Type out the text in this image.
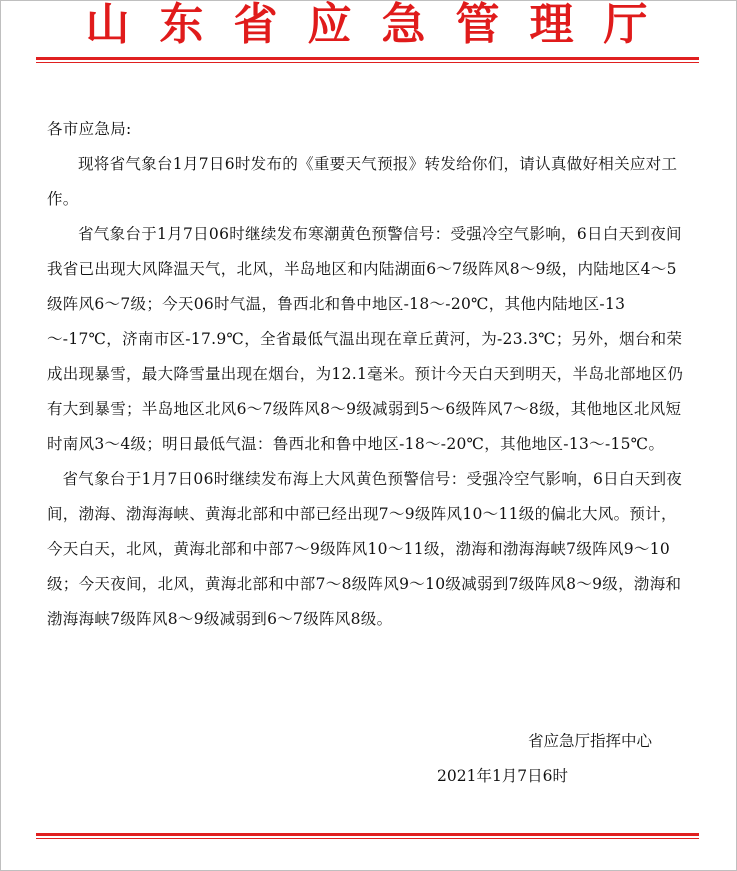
山东省应急管理厅

各市应急局:

现将省气象台1月7日6时发布的《重要天气预报》转发给你们，请认真做好相关应对工作。

省气象台于1月7日06时继续发布寒潮黄色预警信号：受强冷空气影响，6日白天到夜间我省已出现大风降温天气，北风，半岛地区和内陆湖面6～7级阵风8～9级，内陆地区4～5级阵风6～7级；今天06时气温，鲁西北和鲁中地区-18～-20℃，其他内陆地区-13～-17℃，济南市区-17.9℃，全省最低气温出现在章丘黄河，为-23.3℃；另外，烟台和荣成出现暴雪，最大降雪量出现在烟台，为12.1毫米。预计今天白天到明天，半岛北部地区仍有大到暴雪；半岛地区北风6～7级阵风8～9级减弱到5～6级阵风7～8级，其他地区北风短时南风3～4级；明日最低气温：鲁西北和鲁中地区-18～-20℃，其他地区-13～-15℃。

省气象台于1月7日06时继续发布海上大风黄色预警信号：受强冷空气影响，6日白天到夜间，渤海、渤海海峡、黄海北部和中部已经出现7～9级阵风10～11级的偏北大风。预计，今天白天，北风，黄海北部和中部7～9级阵风10～11级，渤海和渤海海峡7级阵风9～10级；今天夜间，北风，黄海北部和中部7～8级阵风9～10级减弱到7级阵风8～9级，渤海和渤海海峡7级阵风8～9级减弱到6～7级阵风8级。

省应急厅指挥中心
2021年1月7日6时
